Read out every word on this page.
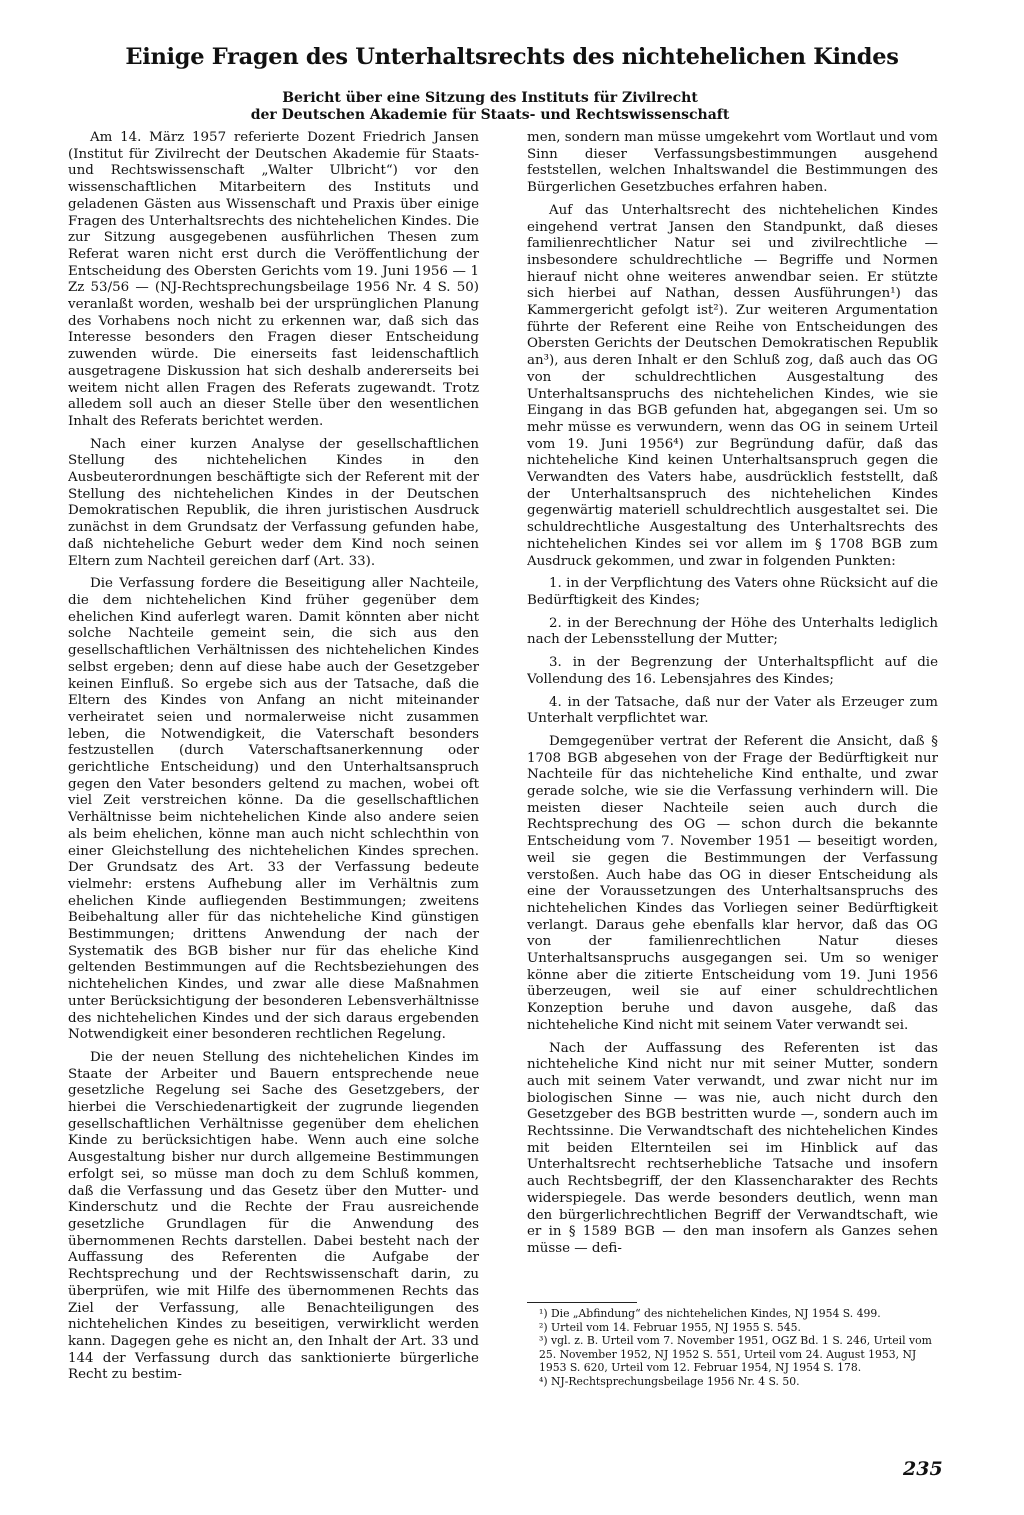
Einige Fragen des Unterhaltsrechts des nichtehelichen Kindes
Bericht über eine Sitzung des Instituts für Zivilrecht
der Deutschen Akademie für Staats- und Rechtswissenschaft

Am 14. März 1957 referierte Dozent Friedrich Jansen (Institut für Zivilrecht der Deutschen Akademie für Staats- und Rechtswissenschaft „Walter Ulbricht“) vor den wissenschaftlichen Mitarbeitern des Instituts und geladenen Gästen aus Wissenschaft und Praxis über einige Fragen des Unterhaltsrechts des nichtehelichen Kindes. Die zur Sitzung ausgegebenen ausführlichen Thesen zum Referat waren nicht erst durch die Veröffentlichung der Entscheidung des Obersten Gerichts vom 19. Juni 1956 — 1 Zz 53/56 — (NJ-Rechtsprechungsbeilage 1956 Nr. 4 S. 50) veranlaßt worden, weshalb bei der ursprünglichen Planung des Vorhabens noch nicht zu erkennen war, daß sich das Interesse besonders den Fragen dieser Entscheidung zuwenden würde. Die einerseits fast leidenschaftlich ausgetragene Diskussion hat sich deshalb andererseits bei weitem nicht allen Fragen des Referats zugewandt. Trotz alledem soll auch an dieser Stelle über den wesentlichen Inhalt des Referats berichtet werden.

Nach einer kurzen Analyse der gesellschaftlichen Stellung des nichtehelichen Kindes in den Ausbeuterordnungen beschäftigte sich der Referent mit der Stellung des nichtehelichen Kindes in der Deutschen Demokratischen Republik, die ihren juristischen Ausdruck zunächst in dem Grundsatz der Verfassung gefunden habe, daß nichteheliche Geburt weder dem Kind noch seinen Eltern zum Nachteil gereichen darf (Art. 33).

Die Verfassung fordere die Beseitigung aller Nachteile, die dem nichtehelichen Kind früher gegenüber dem ehelichen Kind auferlegt waren. Damit könnten aber nicht solche Nachteile gemeint sein, die sich aus den gesellschaftlichen Verhältnissen des nichtehelichen Kindes selbst ergeben; denn auf diese habe auch der Gesetzgeber keinen Einfluß. So ergebe sich aus der Tatsache, daß die Eltern des Kindes von Anfang an nicht miteinander verheiratet seien und normalerweise nicht zusammen leben, die Notwendigkeit, die Vaterschaft besonders festzustellen (durch Vaterschaftsanerkennung oder gerichtliche Entscheidung) und den Unterhaltsanspruch gegen den Vater besonders geltend zu machen, wobei oft viel Zeit verstreichen könne. Da die gesellschaftlichen Verhältnisse beim nichtehelichen Kinde also andere seien als beim ehelichen, könne man auch nicht schlechthin von einer Gleichstellung des nichtehelichen Kindes sprechen. Der Grundsatz des Art. 33 der Verfassung bedeute vielmehr: erstens Aufhebung aller im Verhältnis zum ehelichen Kinde aufliegenden Bestimmungen; zweitens Beibehaltung aller für das nichteheliche Kind günstigen Bestimmungen; drittens Anwendung der nach der Systematik des BGB bisher nur für das eheliche Kind geltenden Bestimmungen auf die Rechtsbeziehungen des nichtehelichen Kindes, und zwar alle diese Maßnahmen unter Berücksichtigung der besonderen Lebensverhältnisse des nichtehelichen Kindes und der sich daraus ergebenden Notwendigkeit einer besonderen rechtlichen Regelung.

Die der neuen Stellung des nichtehelichen Kindes im Staate der Arbeiter und Bauern entsprechende neue gesetzliche Regelung sei Sache des Gesetzgebers, der hierbei die Verschiedenartigkeit der zugrunde liegenden gesellschaftlichen Verhältnisse gegenüber dem ehelichen Kinde zu berücksichtigen habe. Wenn auch eine solche Ausgestaltung bisher nur durch allgemeine Bestimmungen erfolgt sei, so müsse man doch zu dem Schluß kommen, daß die Verfassung und das Gesetz über den Mutter- und Kinderschutz und die Rechte der Frau ausreichende gesetzliche Grundlagen für die Anwendung des übernommenen Rechts darstellen. Dabei besteht nach der Auffassung des Referenten die Aufgabe der Rechtsprechung und der Rechtswissenschaft darin, zu überprüfen, wie mit Hilfe des übernommenen Rechts das Ziel der Verfassung, alle Benachteiligungen des nichtehelichen Kindes zu beseitigen, verwirklicht werden kann. Dagegen gehe es nicht an, den Inhalt der Art. 33 und 144 der Verfassung durch das sanktionierte bürgerliche Recht zu bestim-

men, sondern man müsse umgekehrt vom Wortlaut und vom Sinn dieser Verfassungsbestimmungen ausgehend feststellen, welchen Inhaltswandel die Bestimmungen des Bürgerlichen Gesetzbuches erfahren haben.

Auf das Unterhaltsrecht des nichtehelichen Kindes eingehend vertrat Jansen den Standpunkt, daß dieses familienrechtlicher Natur sei und zivilrechtliche — insbesondere schuldrechtliche — Begriffe und Normen hierauf nicht ohne weiteres anwendbar seien. Er stützte sich hierbei auf Nathan, dessen Ausführungen¹) das Kammergericht gefolgt ist²). Zur weiteren Argumentation führte der Referent eine Reihe von Entscheidungen des Obersten Gerichts der Deutschen Demokratischen Republik an³), aus deren Inhalt er den Schluß zog, daß auch das OG von der schuldrechtlichen Ausgestaltung des Unterhaltsanspruchs des nichtehelichen Kindes, wie sie Eingang in das BGB gefunden hat, abgegangen sei. Um so mehr müsse es verwundern, wenn das OG in seinem Urteil vom 19. Juni 1956⁴) zur Begründung dafür, daß das nichteheliche Kind keinen Unterhaltsanspruch gegen die Verwandten des Vaters habe, ausdrücklich feststellt, daß der Unterhaltsanspruch des nichtehelichen Kindes gegenwärtig materiell schuldrechtlich ausgestaltet sei. Die schuldrechtliche Ausgestaltung des Unterhaltsrechts des nichtehelichen Kindes sei vor allem im § 1708 BGB zum Ausdruck gekommen, und zwar in folgenden Punkten:

1. in der Verpflichtung des Vaters ohne Rücksicht auf die Bedürftigkeit des Kindes;

2. in der Berechnung der Höhe des Unterhalts lediglich nach der Lebensstellung der Mutter;

3. in der Begrenzung der Unterhaltspflicht auf die Vollendung des 16. Lebensjahres des Kindes;

4. in der Tatsache, daß nur der Vater als Erzeuger zum Unterhalt verpflichtet war.

Demgegenüber vertrat der Referent die Ansicht, daß § 1708 BGB abgesehen von der Frage der Bedürftigkeit nur Nachteile für das nichteheliche Kind enthalte, und zwar gerade solche, wie sie die Verfassung verhindern will. Die meisten dieser Nachteile seien auch durch die Rechtsprechung des OG — schon durch die bekannte Entscheidung vom 7. November 1951 — beseitigt worden, weil sie gegen die Bestimmungen der Verfassung verstoßen. Auch habe das OG in dieser Entscheidung als eine der Voraussetzungen des Unterhaltsanspruchs des nichtehelichen Kindes das Vorliegen seiner Bedürftigkeit verlangt. Daraus gehe ebenfalls klar hervor, daß das OG von der familienrechtlichen Natur dieses Unterhaltsanspruchs ausgegangen sei. Um so weniger könne aber die zitierte Entscheidung vom 19. Juni 1956 überzeugen, weil sie auf einer schuldrechtlichen Konzeption beruhe und davon ausgehe, daß das nichteheliche Kind nicht mit seinem Vater verwandt sei.

Nach der Auffassung des Referenten ist das nichteheliche Kind nicht nur mit seiner Mutter, sondern auch mit seinem Vater verwandt, und zwar nicht nur im biologischen Sinne — was nie, auch nicht durch den Gesetzgeber des BGB bestritten wurde —, sondern auch im Rechtssinne. Die Verwandtschaft des nichtehelichen Kindes mit beiden Elternteilen sei im Hinblick auf das Unterhaltsrecht rechtserhebliche Tatsache und insofern auch Rechtsbegriff, der den Klassencharakter des Rechts widerspiegele. Das werde besonders deutlich, wenn man den bürgerlichrechtlichen Begriff der Verwandtschaft, wie er in § 1589 BGB — den man insofern als Ganzes sehen müsse — defi-

¹) Die „Abfindung“ des nichtehelichen Kindes, NJ 1954 S. 499.
²) Urteil vom 14. Februar 1955, NJ 1955 S. 545.
³) vgl. z. B. Urteil vom 7. November 1951, OGZ Bd. 1 S. 246, Urteil vom 25. November 1952, NJ 1952 S. 551, Urteil vom 24. August 1953, NJ 1953 S. 620, Urteil vom 12. Februar 1954, NJ 1954 S. 178.
⁴) NJ-Rechtsprechungsbeilage 1956 Nr. 4 S. 50.
235
